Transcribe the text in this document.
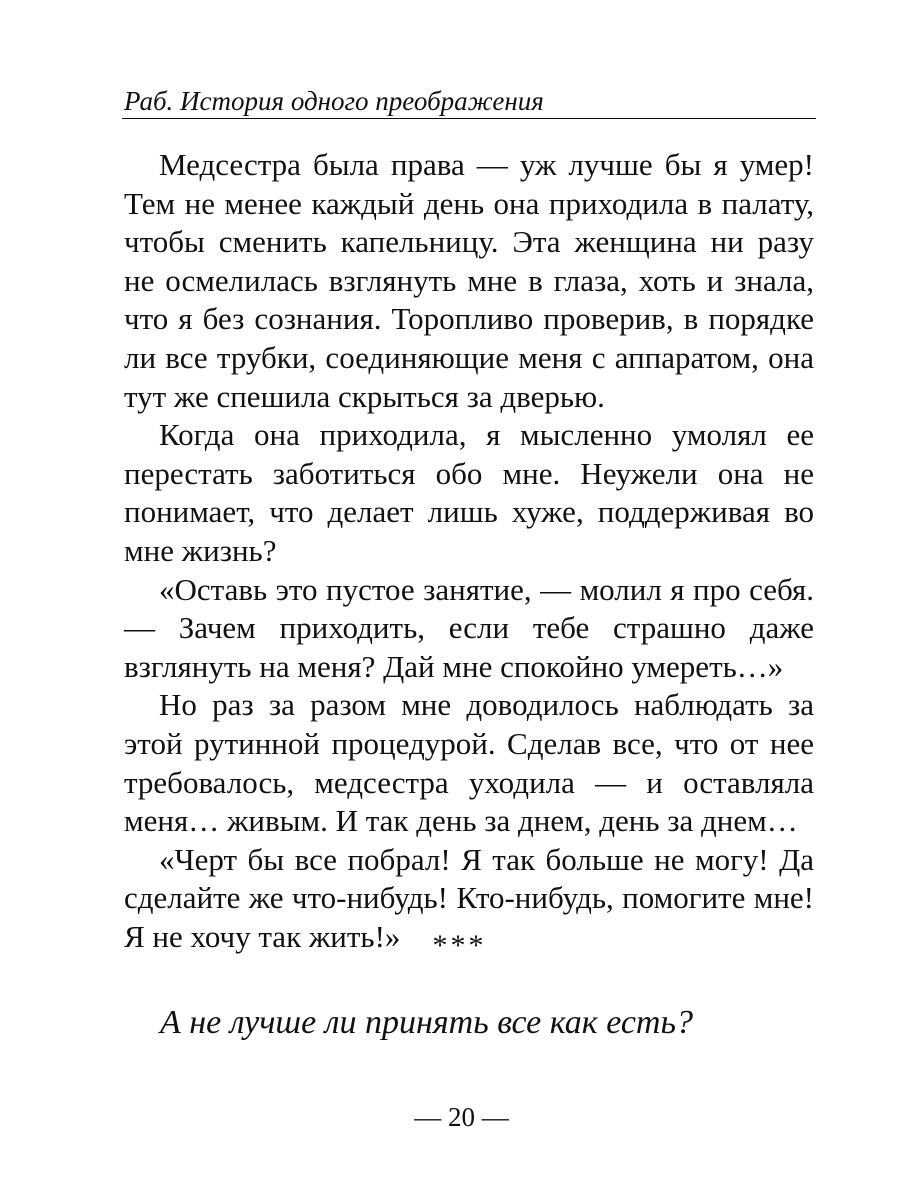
Раб. История одного преображения

Медсестра была права — уж лучше бы я умер! Тем не менее каждый день она приходила в палату, чтобы сменить капельницу. Эта женщина ни разу не осмелилась взглянуть мне в глаза, хоть и знала, что я без сознания. Торопливо проверив, в порядке ли все трубки, соединяющие меня с аппаратом, она тут же спешила скрыться за дверью.

Когда она приходила, я мысленно умолял ее перестать заботиться обо мне. Неужели она не понимает, что делает лишь хуже, поддерживая во мне жизнь?

«Оставь это пустое занятие, — молил я про себя. — Зачем приходить, если тебе страшно даже взглянуть на меня? Дай мне спокойно умереть…»

Но раз за разом мне доводилось наблюдать за этой рутинной процедурой. Сделав все, что от нее требовалось, медсестра уходила — и оставляла меня… живым. И так день за днем, день за днем…

«Черт бы все побрал! Я так больше не могу! Да сделайте же что-нибудь! Кто-нибудь, помогите мне! Я не хочу так жить!»	***
А не лучше ли принять все как есть?
— 20 —
